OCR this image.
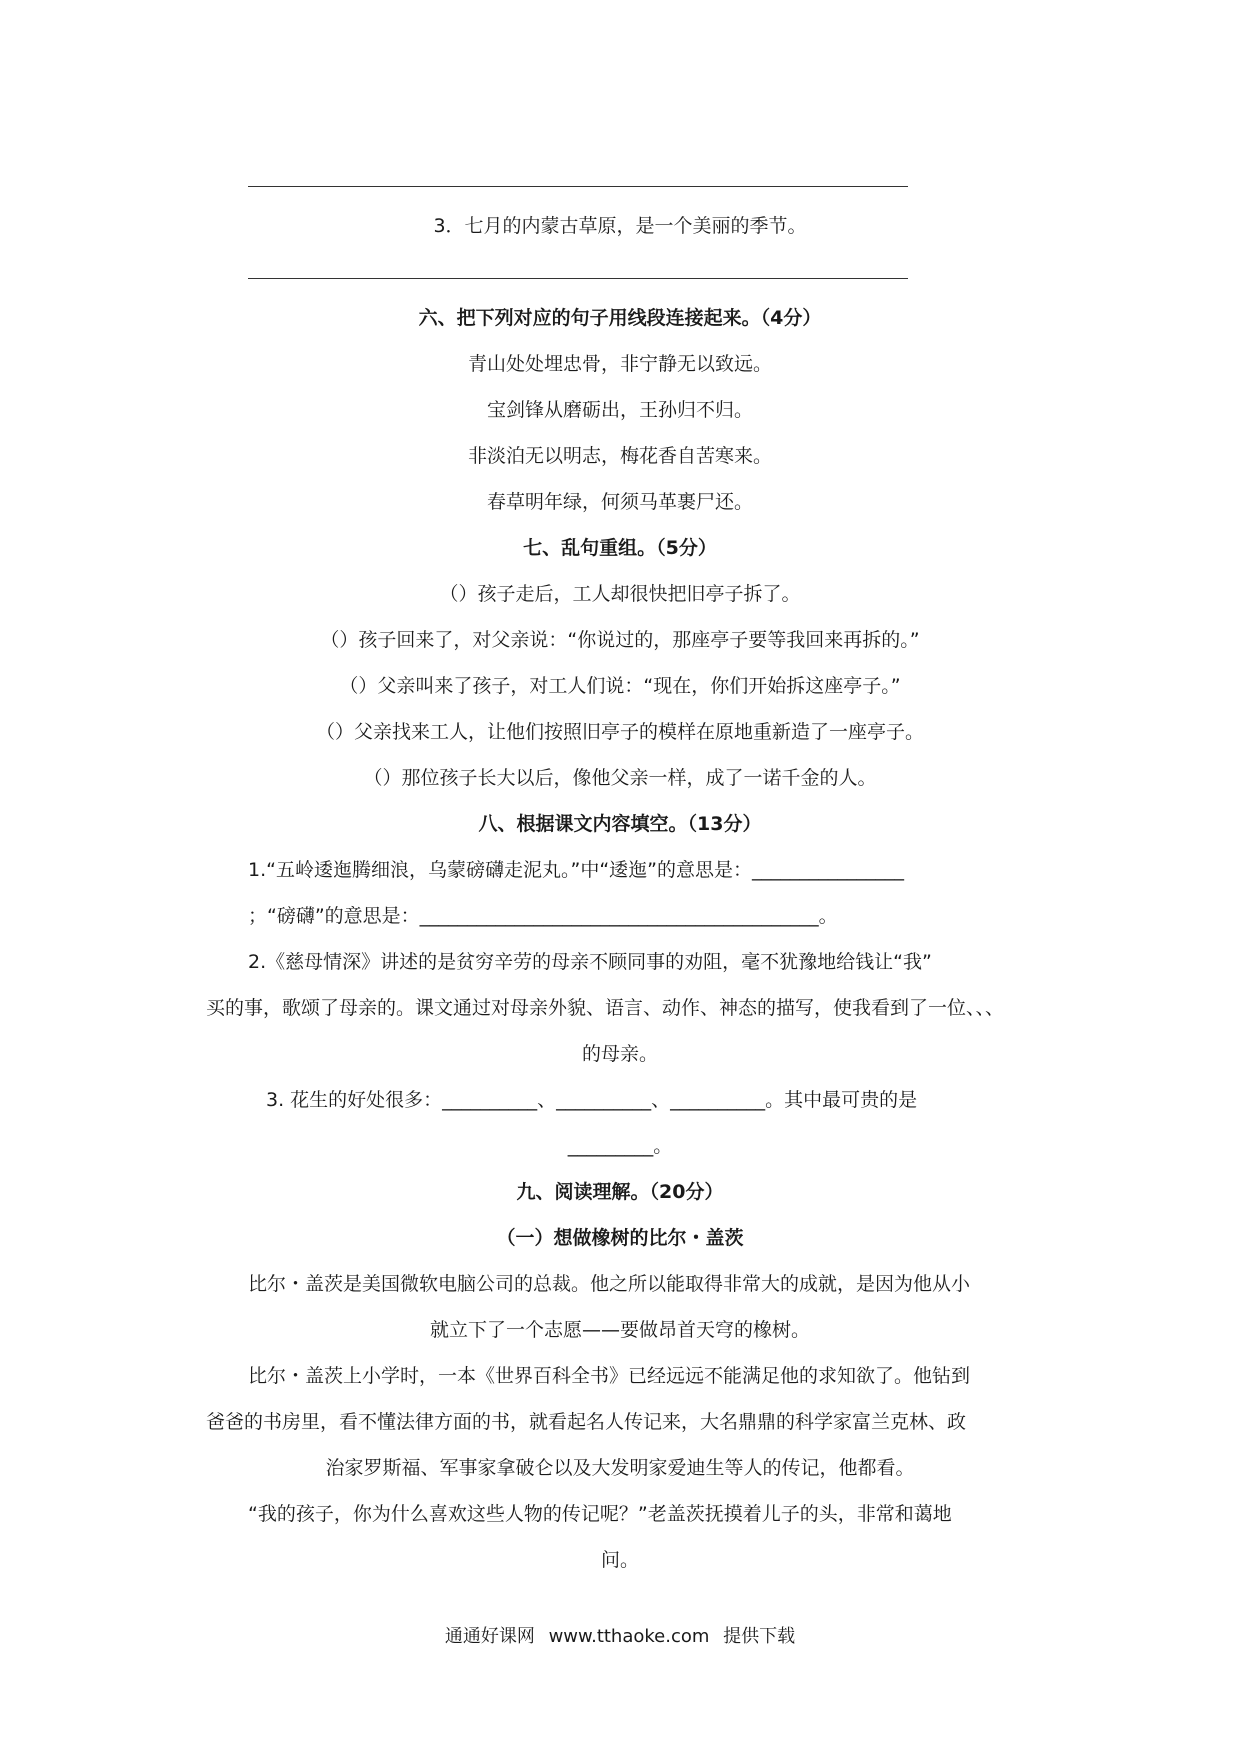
3．七月的内蒙古草原，是一个美丽的季节。
六、把下列对应的句子用线段连接起来。（4分）
青山处处埋忠骨，非宁静无以致远。
宝剑锋从磨砺出，王孙归不归。
非淡泊无以明志，梅花香自苦寒来。
春草明年绿，何须马革裹尸还。
七、乱句重组。（5分）
（）孩子走后，工人却很快把旧亭子拆了。
（）孩子回来了，对父亲说：“你说过的，那座亭子要等我回来再拆的。”
（）父亲叫来了孩子，对工人们说：“现在，你们开始拆这座亭子。”
（）父亲找来工人，让他们按照旧亭子的模样在原地重新造了一座亭子。
（）那位孩子长大以后，像他父亲一样，成了一诺千金的人。
八、根据课文内容填空。（13分）
1.“五岭逶迤腾细浪，乌蒙磅礴走泥丸。”中“逶迤”的意思是：________________
；“磅礴”的意思是：__________________________________________。
2.《慈母情深》讲述的是贫穷辛劳的母亲不顾同事的劝阻，毫不犹豫地给钱让“我”
买的事，歌颂了母亲的。课文通过对母亲外貌、语言、动作、神态的描写，使我看到了一位、、、
的母亲。
3. 花生的好处很多：__________、__________、__________。其中最可贵的是
_________。
九、阅读理解。（20分）
（一）想做橡树的比尔・盖茨
比尔・盖茨是美国微软电脑公司的总裁。他之所以能取得非常大的成就，是因为他从小
就立下了一个志愿——要做昂首天穹的橡树。
比尔・盖茨上小学时，一本《世界百科全书》已经远远不能满足他的求知欲了。他钻到
爸爸的书房里，看不懂法律方面的书，就看起名人传记来，大名鼎鼎的科学家富兰克林、政
治家罗斯福、军事家拿破仑以及大发明家爱迪生等人的传记，他都看。
“我的孩子，你为什么喜欢这些人物的传记呢？”老盖茨抚摸着儿子的头，非常和蔼地
问。
通通好课网 www.tthaoke.com 提供下载
